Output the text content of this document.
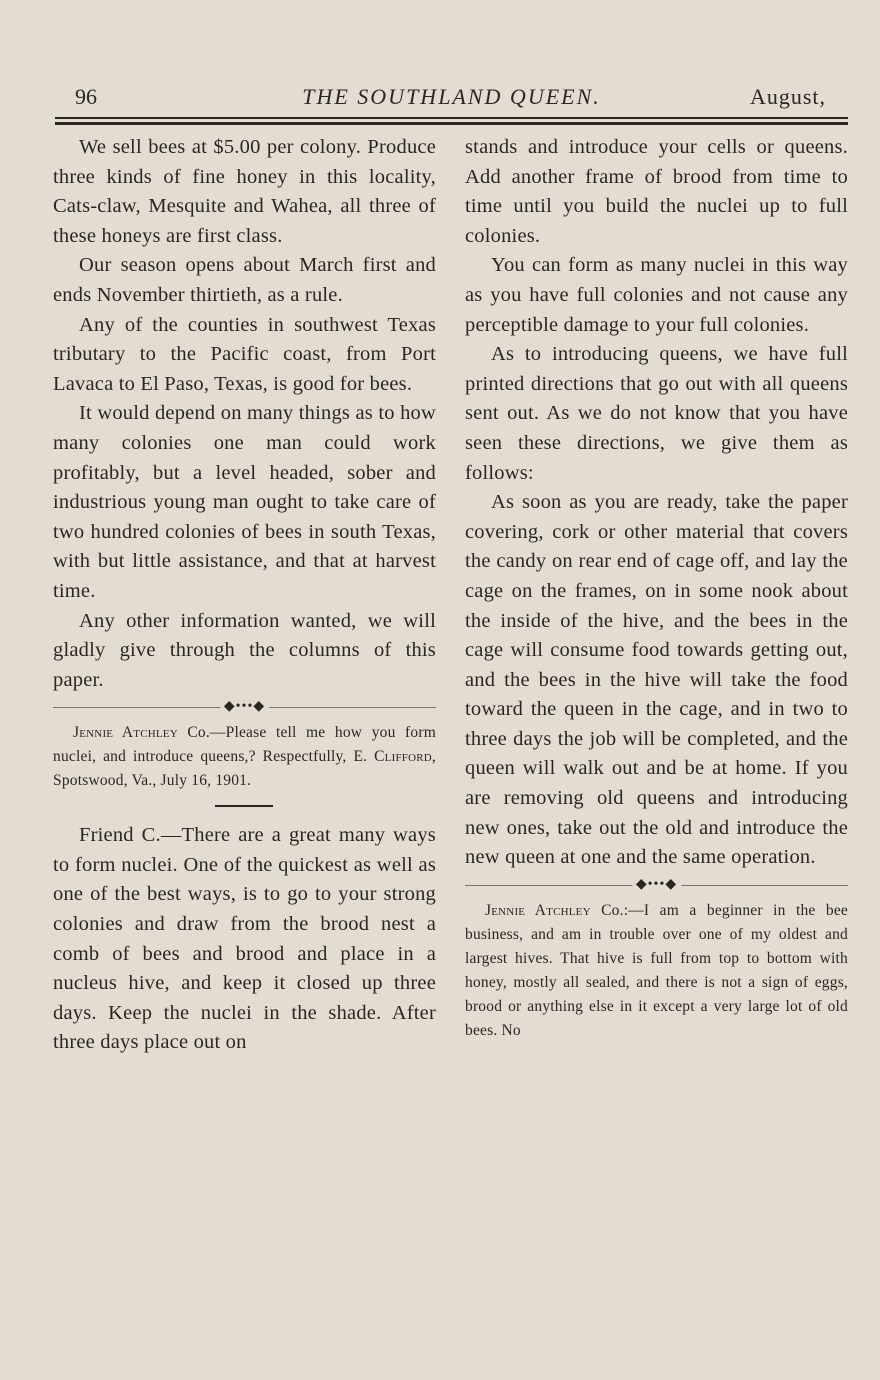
96	THE SOUTHLAND QUEEN.	August,

We sell bees at $5.00 per colony. Produce three kinds of fine honey in this locality, Cats-claw, Mesquite and Wahea, all three of these honeys are first class.

Our season opens about March first and ends November thirtieth, as a rule.

Any of the counties in southwest Texas tributary to the Pacific coast, from Port Lavaca to El Paso, Texas, is good for bees.

It would depend on many things as to how many colonies one man could work profitably, but a level headed, sober and industrious young man ought to take care of two hundred colonies of bees in south Texas, with but little assistance, and that at harvest time.

Any other information wanted, we will gladly give through the columns of this paper.

◆•••◆

Jennie Atchley Co.—Please tell me how you form nuclei, and introduce queens,? Respectfully, E. Clifford, Spotswood, Va., July 16, 1901.

Friend C.—There are a great many ways to form nuclei. One of the quickest as well as one of the best ways, is to go to your strong colonies and draw from the brood nest a comb of bees and brood and place in a nucleus hive, and keep it closed up three days. Keep the nuclei in the shade. After three days place out on

stands and introduce your cells or queens. Add another frame of brood from time to time until you build the nuclei up to full colonies.

You can form as many nuclei in this way as you have full colonies and not cause any perceptible damage to your full colonies.

As to introducing queens, we have full printed directions that go out with all queens sent out. As we do not know that you have seen these directions, we give them as follows:

As soon as you are ready, take the paper covering, cork or other material that covers the candy on rear end of cage off, and lay the cage on the frames, on in some nook about the inside of the hive, and the bees in the cage will consume food towards getting out, and the bees in the hive will take the food toward the queen in the cage, and in two to three days the job will be completed, and the queen will walk out and be at home. If you are removing old queens and introducing new ones, take out the old and introduce the new queen at one and the same operation.

◆•••◆

Jennie Atchley Co.:—I am a beginner in the bee business, and am in trouble over one of my oldest and largest hives. That hive is full from top to bottom with honey, mostly all sealed, and there is not a sign of eggs, brood or anything else in it except a very large lot of old bees. No
